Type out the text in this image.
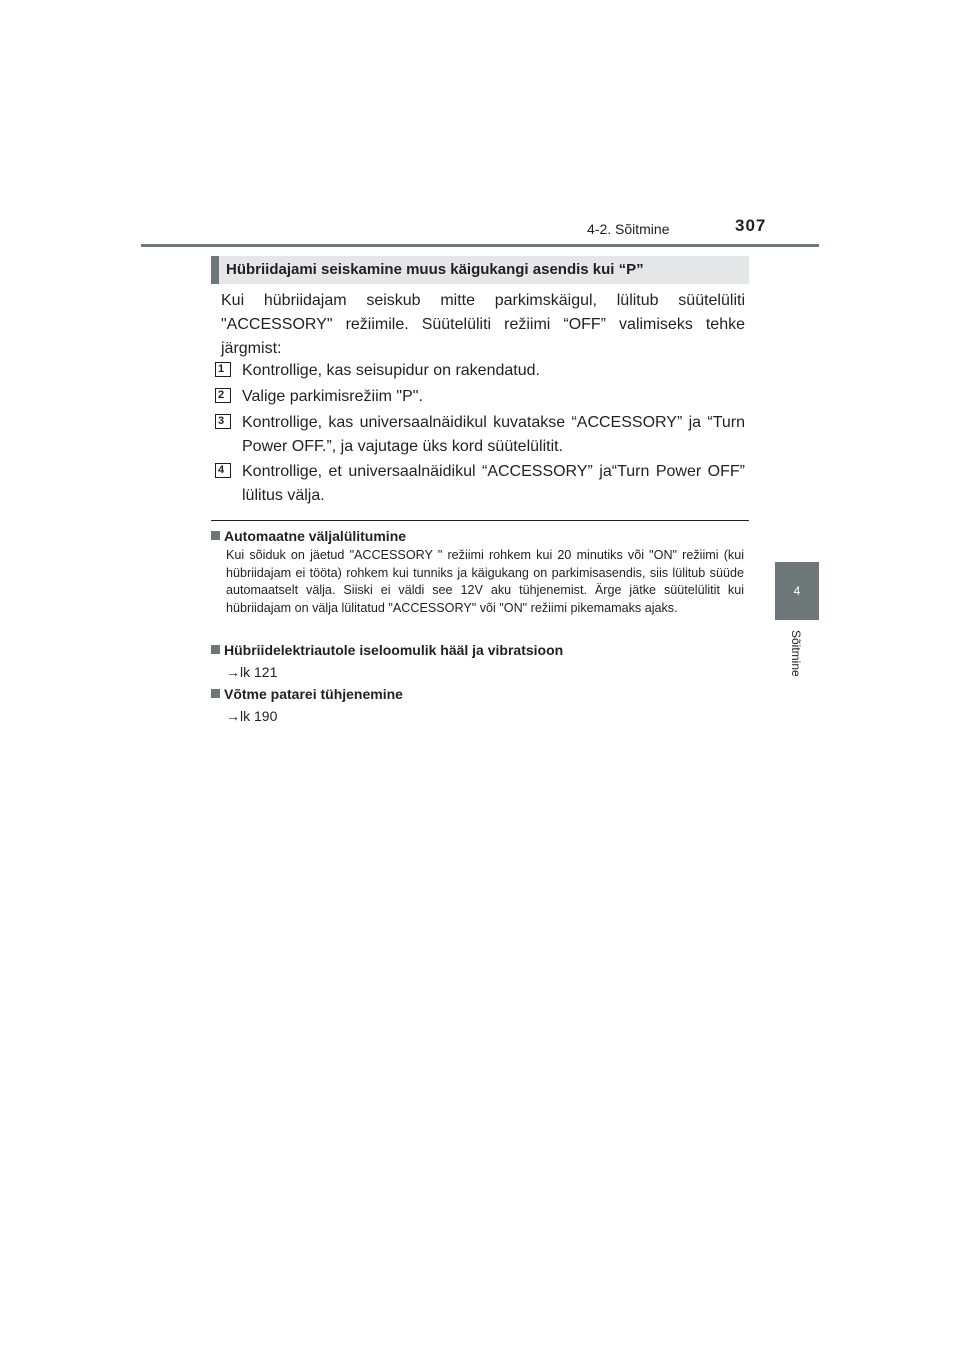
4-2. Sõitmine	307
4
Sõitmine
Hübriidajami seiskamine muus käigukangi asendis kui “P”
Kui hübriidajam seiskub mitte parkimskäigul, lülitub süütelüliti "ACCESSORY" režiimile. Süütelüliti režiimi “OFF” valimiseks tehke järgmist:
1	Kontrollige, kas seisupidur on rakendatud.
2	Valige parkimisrežiim "P".
3	Kontrollige, kas universaalnäidikul kuvatakse “ACCESSORY” ja “Turn Power OFF.”, ja vajutage üks kord süütelülitit.
4	Kontrollige, et universaalnäidikul “ACCESSORY” ja“Turn Power OFF” lülitus välja.
Automaatne väljalülitumine
Kui sõiduk on jäetud "ACCESSORY " režiimi rohkem kui 20 minutiks või "ON" režiimi (kui hübriidajam ei tööta) rohkem kui tunniks ja käigukang on parkimisasendis, siis lülitub süüde automaatselt välja. Siiski ei väldi see 12V aku tühjenemist. Ärge jätke süütelülitit kui hübriidajam on välja lülitatud "ACCESSORY" või "ON" režiimi pikemamaks ajaks.
Hübriidelektriautole iseloomulik hääl ja vibratsioon
→lk 121
Võtme patarei tühjenemine
→lk 190
